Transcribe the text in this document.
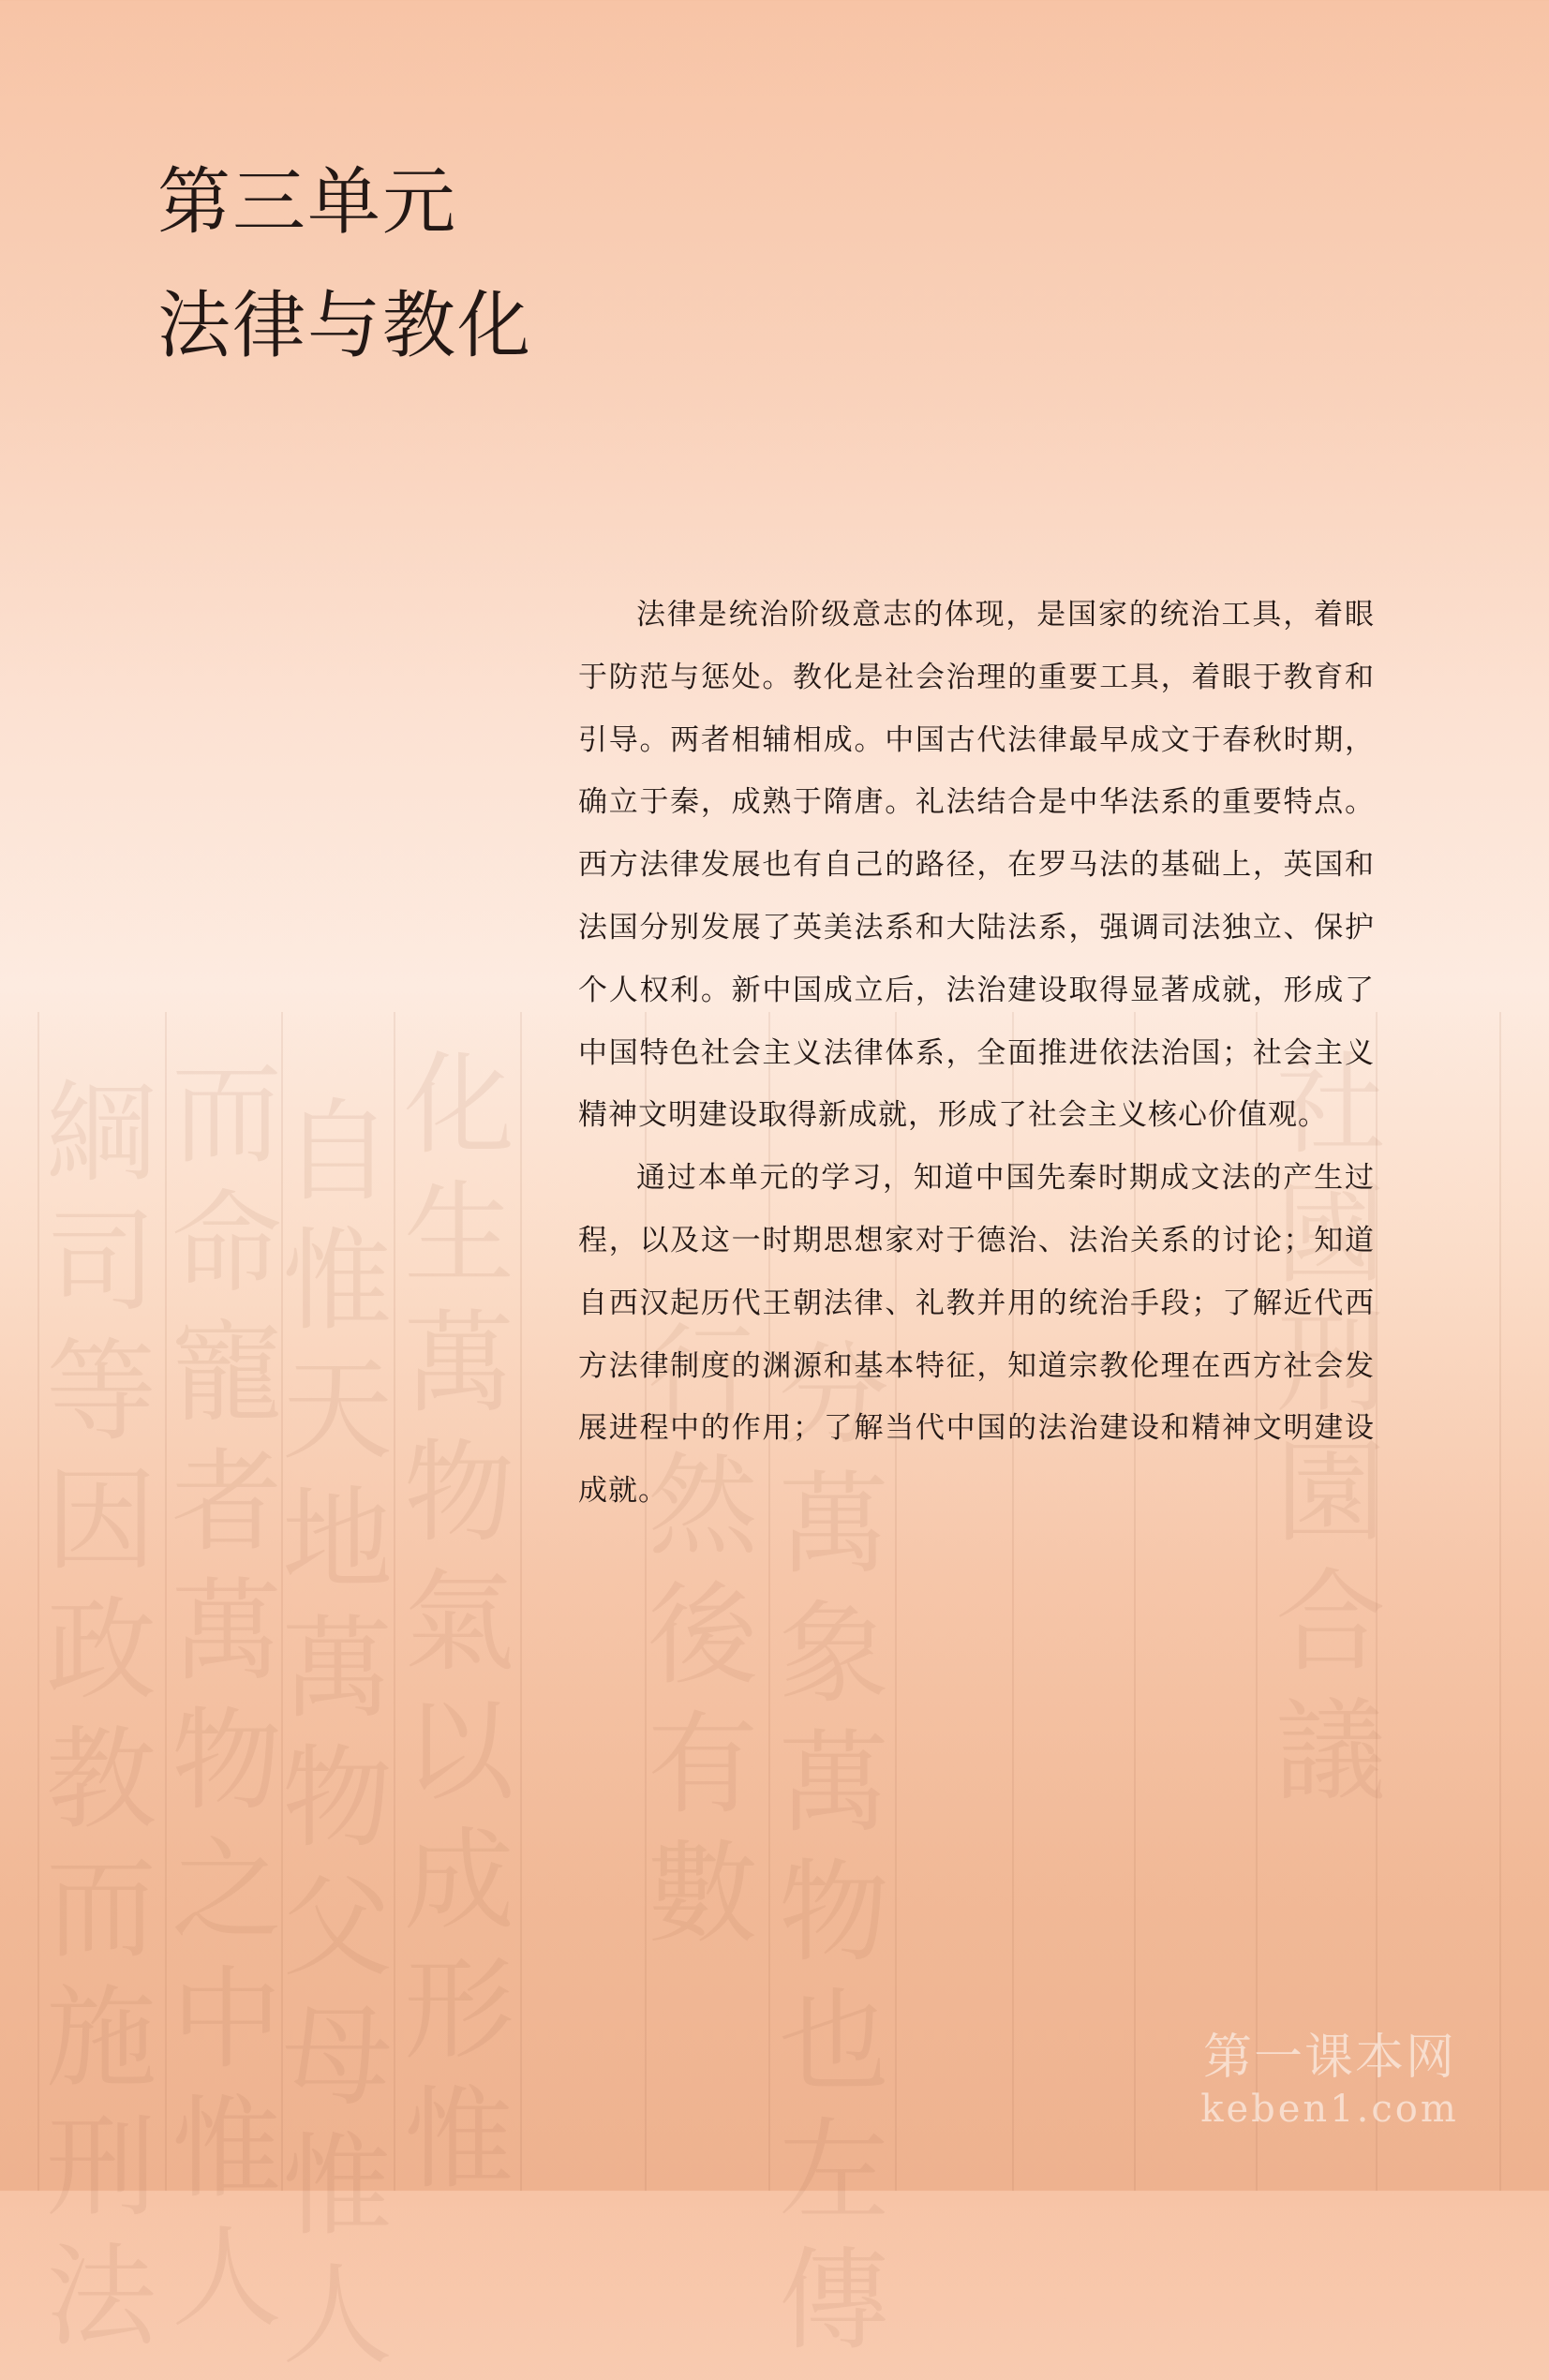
綱
司
等
因
政
教
而
施
刑
法
而
命
寵
者
萬
物
之
中
惟
人
自
惟
天
地
萬
物
父
母
惟
人
化
生
萬
物
氣
以
成
形
惟
行
然
後
有
數
分
萬
象
萬
物
也
左
傳
社
國
刑
園
合
議
第三单元
法律与教化

法律是统治阶级意志的体现，是国家的统治工具，着眼于防范与惩处。教化是社会治理的重要工具，着眼于教育和引导。两者相辅相成。中国古代法律最早成文于春秋时期，确立于秦，成熟于隋唐。礼法结合是中华法系的重要特点。西方法律发展也有自己的路径，在罗马法的基础上，英国和法国分别发展了英美法系和大陆法系，强调司法独立、保护个人权利。新中国成立后，法治建设取得显著成就，形成了中国特色社会主义法律体系，全面推进依法治国；社会主义精神文明建设取得新成就，形成了社会主义核心价值观。

通过本单元的学习，知道中国先秦时期成文法的产生过程，以及这一时期思想家对于德治、法治关系的讨论；知道自西汉起历代王朝法律、礼教并用的统治手段；了解近代西方法律制度的渊源和基本特征，知道宗教伦理在西方社会发展进程中的作用；了解当代中国的法治建设和精神文明建设成就。

第一课本网
keben1.com
